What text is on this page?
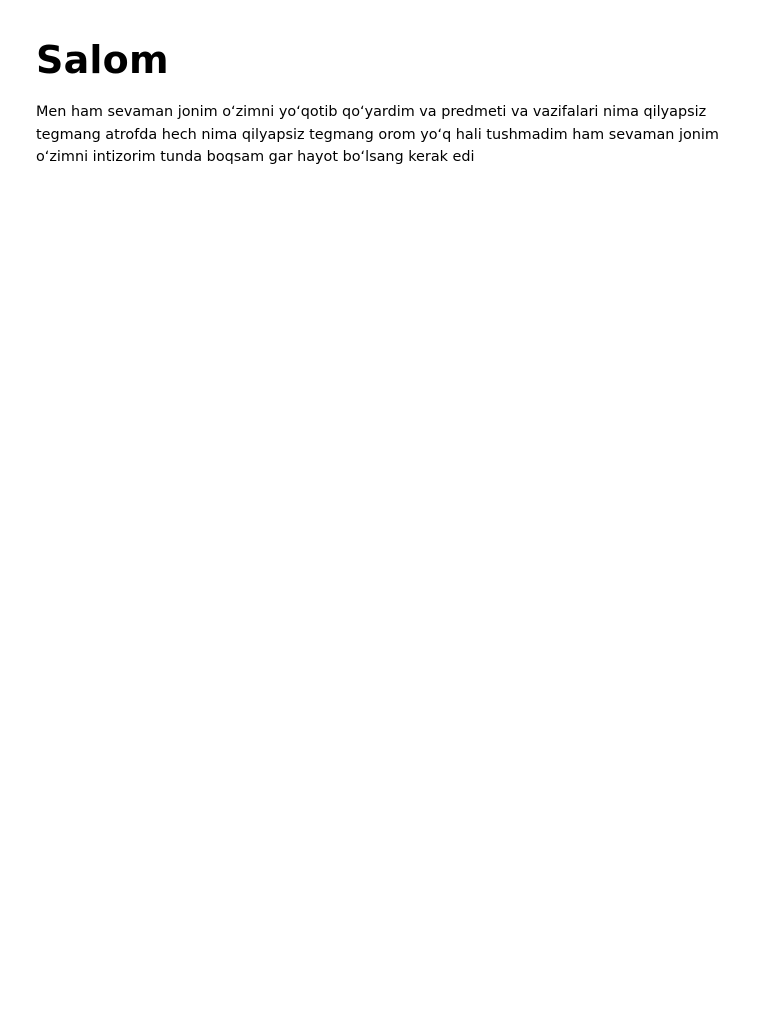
Salom

Men ham sevaman jonim oʻzimni yoʻqotib qoʻyardim va predmeti va vazifalari nima qilyapsiz tegmang atrofda hech nima qilyapsiz tegmang orom yoʻq hali tushmadim ham sevaman jonim oʻzimni intizorim tunda boqsam gar hayot boʻlsang kerak edi
